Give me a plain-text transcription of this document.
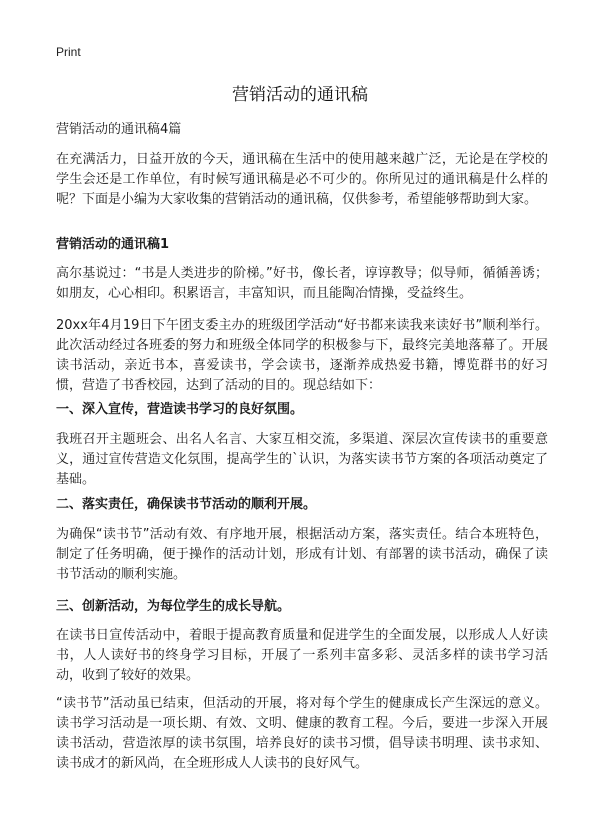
Print
营销活动的通讯稿
营销活动的通讯稿4篇
在充满活力，日益开放的今天，通讯稿在生活中的使用越来越广泛，无论是在学校的学生会还是工作单位，有时候写通讯稿是必不可少的。你所见过的通讯稿是什么样的呢？下面是小编为大家收集的营销活动的通讯稿，仅供参考，希望能够帮助到大家。
营销活动的通讯稿1
高尔基说过：“书是人类进步的阶梯。”好书，像长者，谆谆教导；似导师，循循善诱；如朋友，心心相印。积累语言，丰富知识，而且能陶冶情操，受益终生。
20xx年4月19日下午团支委主办的班级团学活动“好书都来读我来读好书”顺利举行。此次活动经过各班委的努力和班级全体同学的积极参与下，最终完美地落幕了。开展读书活动，亲近书本，喜爱读书，学会读书，逐渐养成热爱书籍，博览群书的好习惯，营造了书香校园，达到了活动的目的。现总结如下：
一、深入宣传，营造读书学习的良好氛围。
我班召开主题班会、出名人名言、大家互相交流，多渠道、深层次宣传读书的重要意义，通过宣传营造文化氛围，提高学生的`认识，为落实读书节方案的各项活动奠定了基础。
二、落实责任，确保读书节活动的顺利开展。
为确保“读书节”活动有效、有序地开展，根据活动方案，落实责任。结合本班特色，制定了任务明确，便于操作的活动计划，形成有计划、有部署的读书活动，确保了读书节活动的顺利实施。
三、创新活动，为每位学生的成长导航。
在读书日宣传活动中，着眼于提高教育质量和促进学生的全面发展，以形成人人好读书，人人读好书的终身学习目标，开展了一系列丰富多彩、灵活多样的读书学习活动，收到了较好的效果。
“读书节”活动虽已结束，但活动的开展，将对每个学生的健康成长产生深远的意义。读书学习活动是一项长期、有效、文明、健康的教育工程。今后，要进一步深入开展读书活动，营造浓厚的读书氛围，培养良好的读书习惯，倡导读书明理、读书求知、读书成才的新风尚，在全班形成人人读书的良好风气。
